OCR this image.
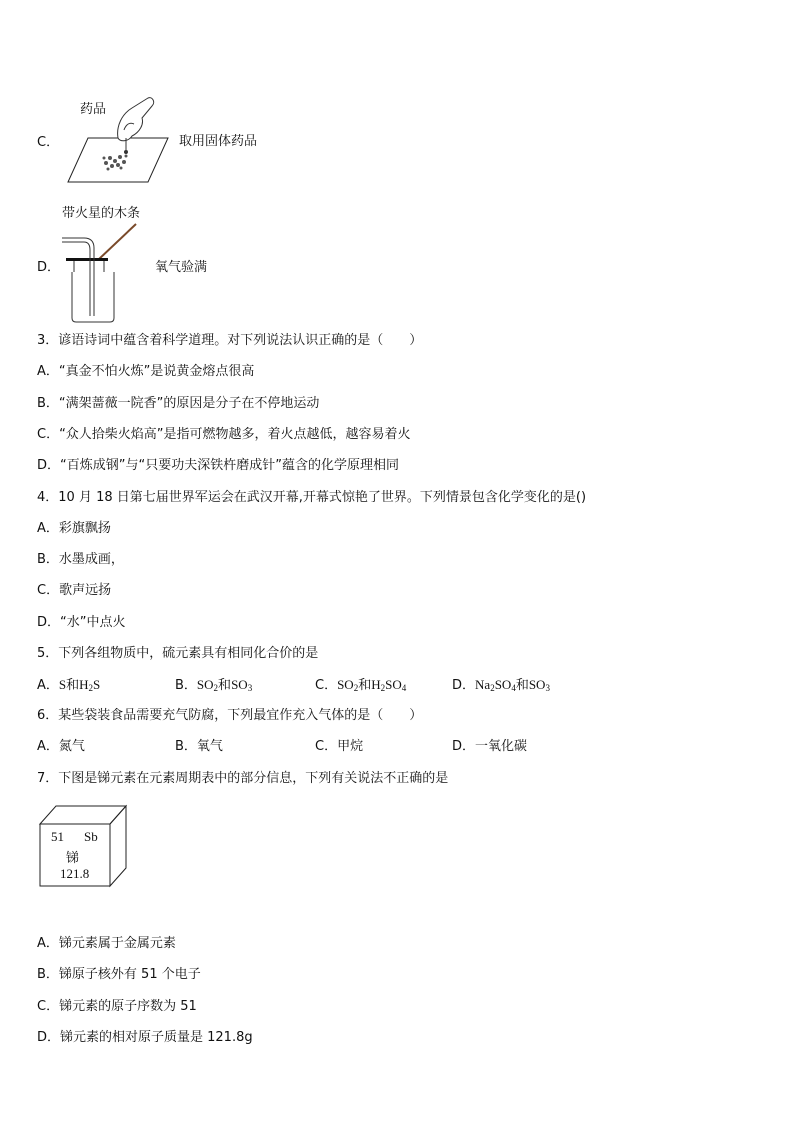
C．
药品
取用固体药品
带火星的木条
D．	氧气验满
3．谚语诗词中蕴含着科学道理。对下列说法认识正确的是（　　）
A．“真金不怕火炼”是说黄金熔点很高
B．“满架蔷薇一院香”的原因是分子在不停地运动
C．“众人拾柴火焰高”是指可燃物越多，着火点越低，越容易着火
D．“百炼成钢”与“只要功夫深铁杵磨成针”蕴含的化学原理相同
4．10 月 18 日第七届世界军运会在武汉开幕,开幕式惊艳了世界。下列情景包含化学变化的是()
A．彩旗飘扬
B．水墨成画，
C．歌声远扬
D．“水”中点火
5．下列各组物质中，硫元素具有相同化合价的是
A．S和$H_2S$	B．$SO_2$和$SO_3$	C．$SO_2$和$H_2SO_4$	D．$Na_2SO_4$和$SO_3$
6．某些袋装食品需要充气防腐，下列最宜作充入气体的是（　　）
A．氮气	B．氧气	C．甲烷	D．一氧化碳
7．下图是锑元素在元素周期表中的部分信息，下列有关说法不正确的是
51 Sb
锑
121.8
A．锑元素属于金属元素
B．锑原子核外有 51 个电子
C．锑元素的原子序数为 51
D．锑元素的相对原子质量是 121.8g
